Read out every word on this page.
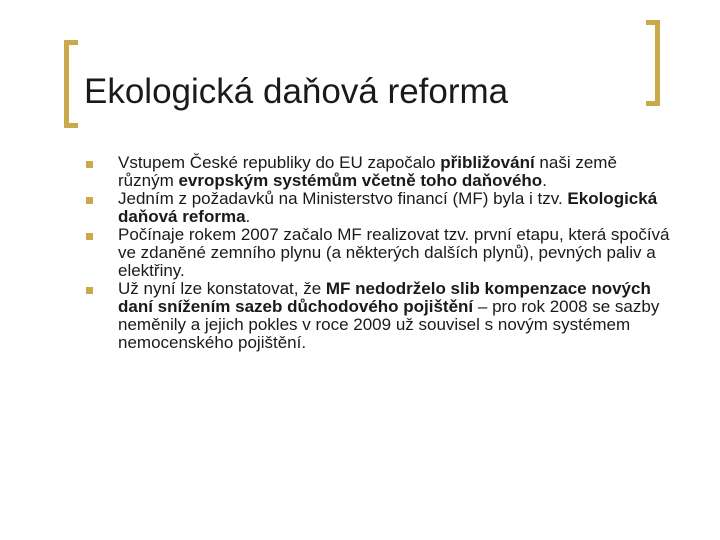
Ekologická daňová reforma
Vstupem České republiky do EU započalo přibližování naši země různým evropským systémům včetně toho daňového.
Jedním z požadavků na Ministerstvo financí (MF) byla i tzv. Ekologická daňová reforma.
Počínaje rokem 2007 začalo MF realizovat tzv. první etapu, která spočívá ve zdaněné zemního plynu (a některých dalších plynů), pevných paliv a elektřiny.
Už nyní lze konstatovat, že MF nedodrželo slib kompenzace nových daní snížením sazeb důchodového pojištění – pro rok 2008 se sazby neměnily a jejich pokles v roce 2009 už souvisel s novým systémem nemocenského pojištění.
